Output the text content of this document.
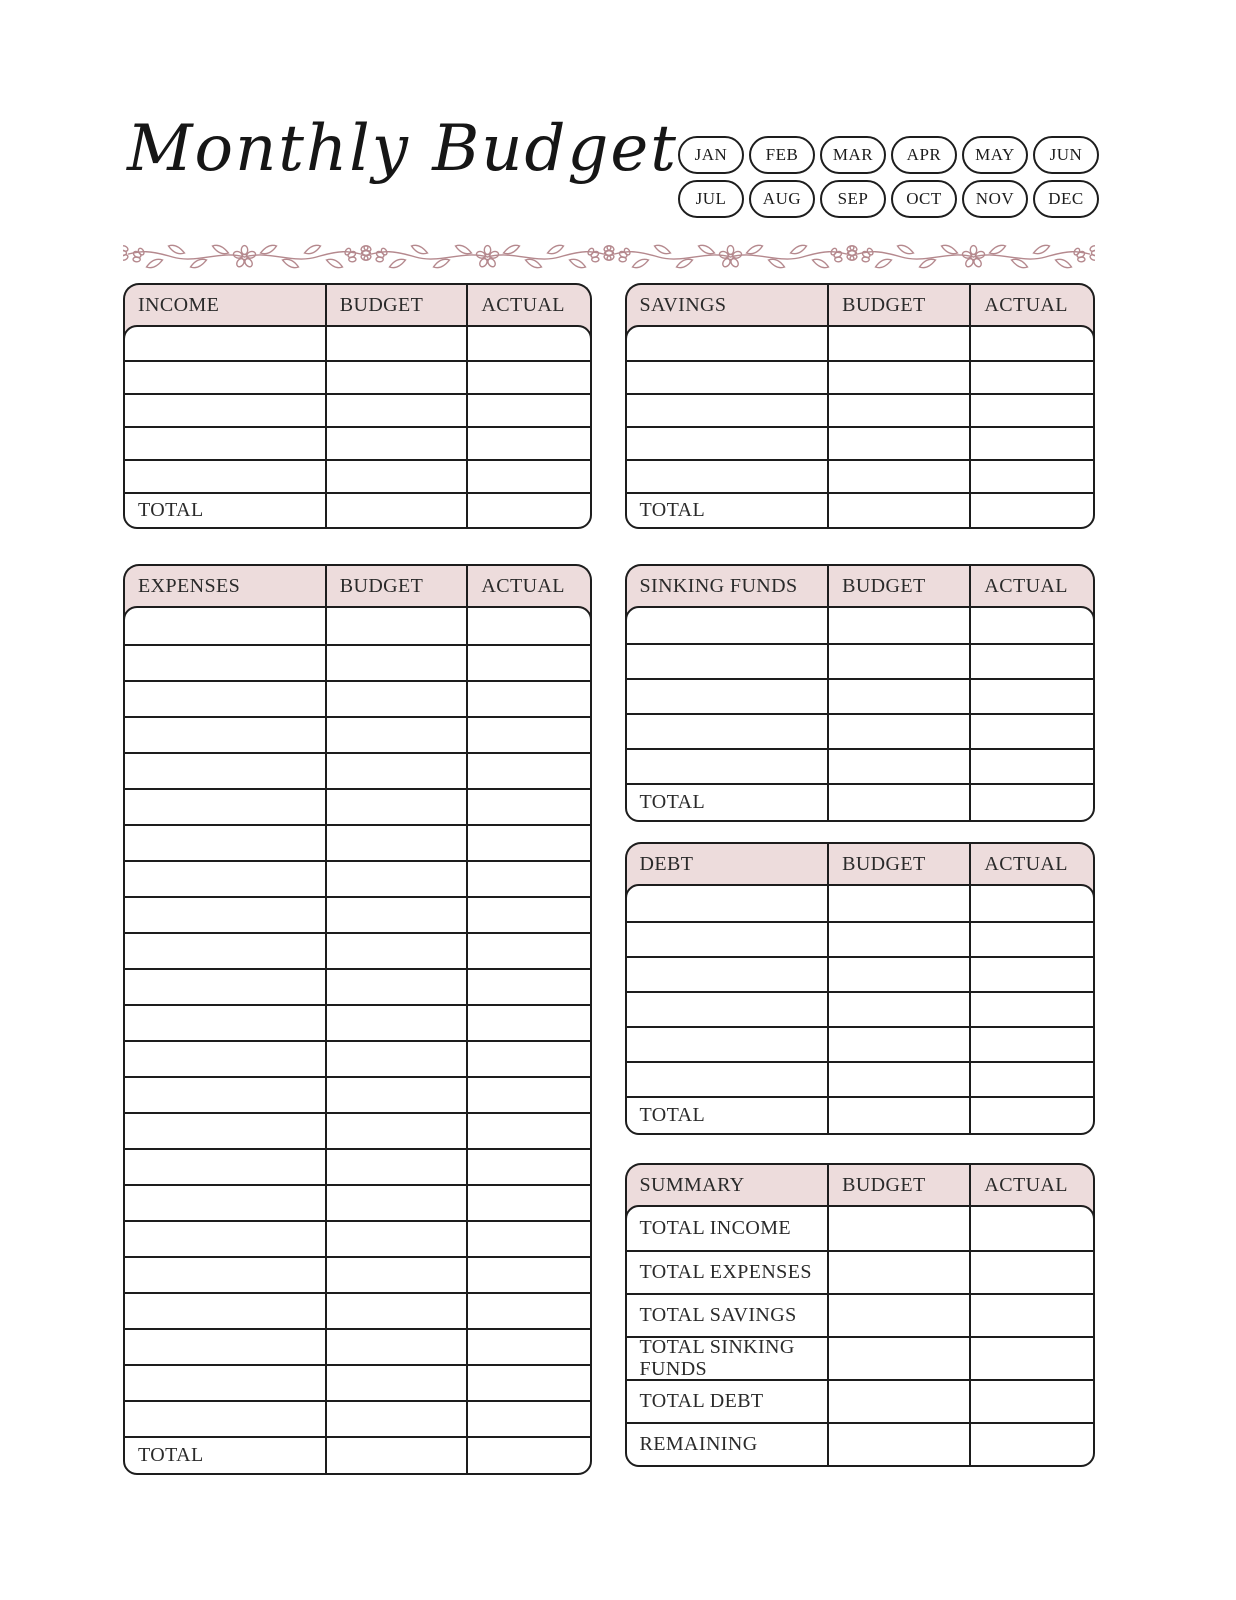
Monthly Budget JAN FEB MAR APR MAY JUN
JUL AUG SEP OCT NOV DEC
INCOME	BUDGET	ACTUAL
TOTAL
EXPENSES	BUDGET	ACTUAL
TOTAL
SAVINGS	BUDGET	ACTUAL
TOTAL
SINKING FUNDS	BUDGET	ACTUAL
TOTAL
DEBT	BUDGET	ACTUAL
TOTAL
SUMMARY	BUDGET	ACTUAL
TOTAL INCOME
TOTAL EXPENSES
TOTAL SAVINGS
TOTAL SINKING FUNDS
TOTAL DEBT
REMAINING
